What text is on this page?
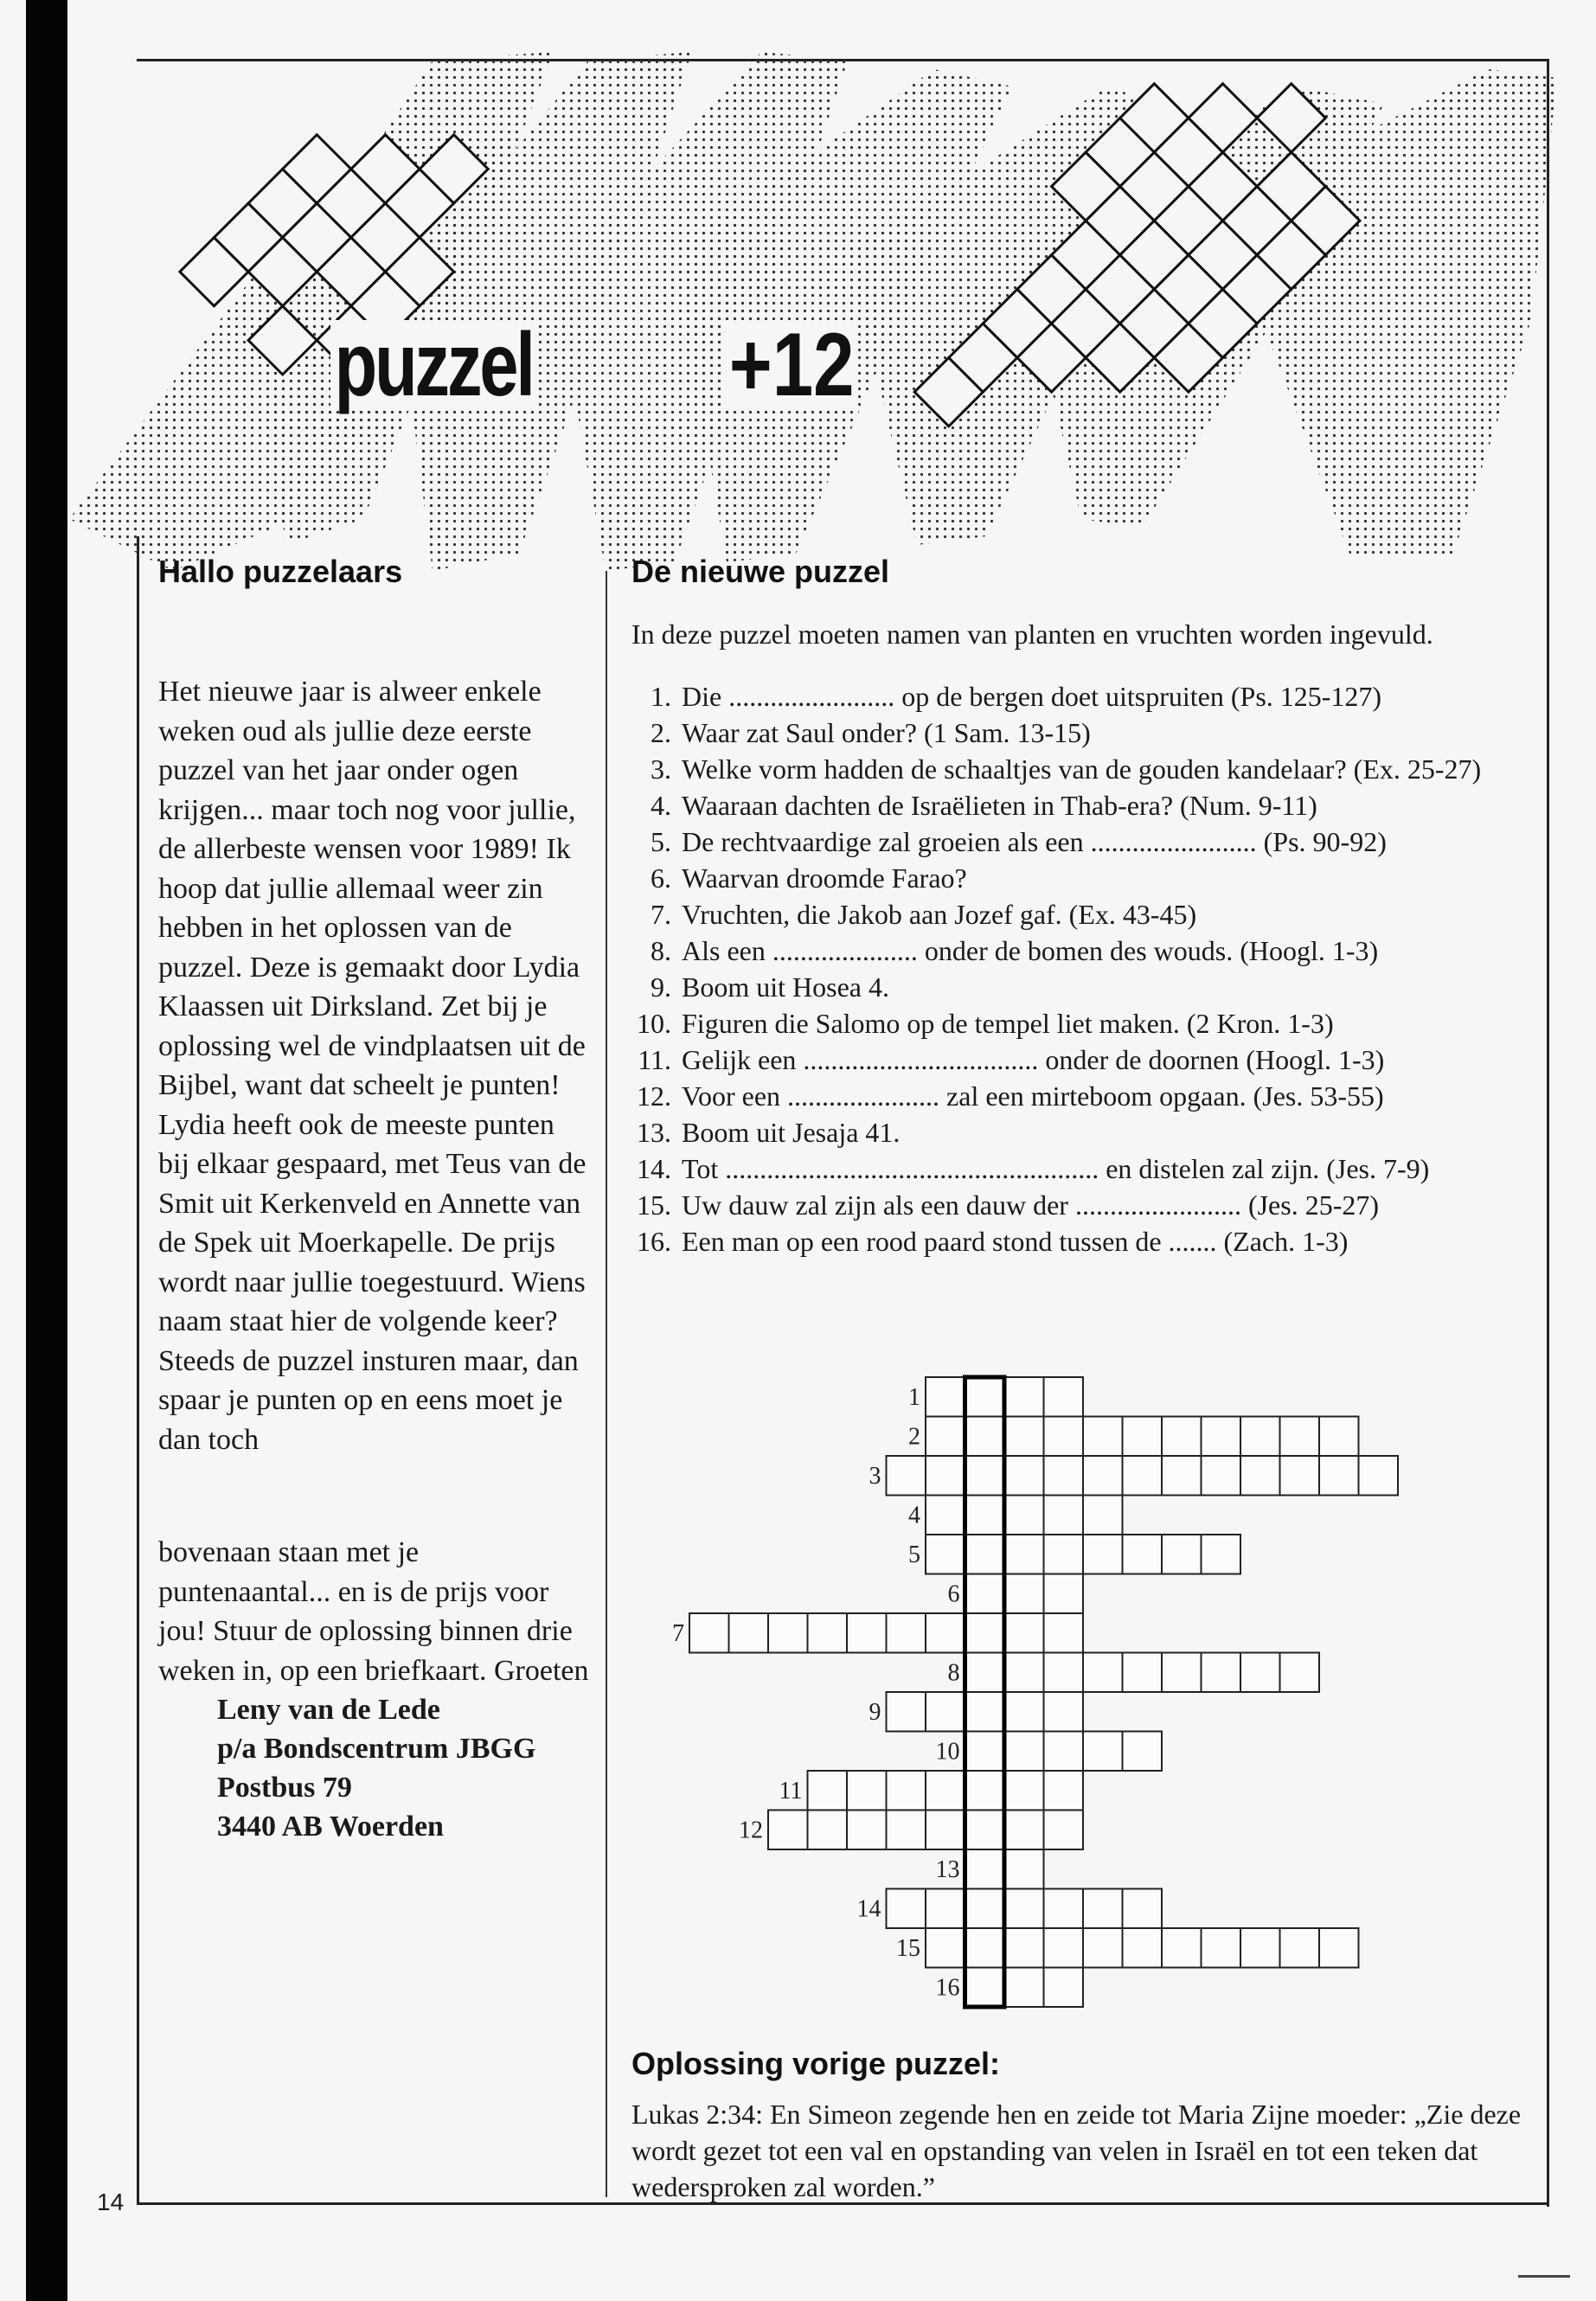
puzzel +12
Hallo puzzelaars
Het nieuwe jaar is alweer enkele weken oud als jullie deze eerste puzzel van het jaar onder ogen krijgen... maar toch nog voor jullie, de allerbeste wensen voor 1989! Ik hoop dat jullie allemaal weer zin hebben in het oplossen van de puzzel. Deze is gemaakt door Lydia Klaassen uit Dirksland. Zet bij je oplossing wel de vindplaatsen uit de Bijbel, want dat scheelt je punten! Lydia heeft ook de meeste punten bij elkaar gespaard, met Teus van de Smit uit Kerkenveld en Annette van de Spek uit Moerkapelle. De prijs wordt naar jullie toegestuurd. Wiens naam staat hier de volgende keer? Steeds de puzzel insturen maar, dan spaar je punten op en eens moet je dan toch
bovenaan staan met je puntenaantal... en is de prijs voor jou! Stuur de oplossing binnen drie weken in, op een briefkaart. Groeten
Leny van de Lede
p/a Bondscentrum JBGG
Postbus 79
3440 AB Woerden
De nieuwe puzzel
In deze puzzel moeten namen van planten en vruchten worden ingevuld.
1. Die ........................ op de bergen doet uitspruiten (Ps. 125-127)
2. Waar zat Saul onder? (1 Sam. 13-15)
3. Welke vorm hadden de schaaltjes van de gouden kandelaar? (Ex. 25-27)
4. Waaraan dachten de Israëlieten in Thab-era? (Num. 9-11)
5. De rechtvaardige zal groeien als een ........................ (Ps. 90-92)
6. Waarvan droomde Farao?
7. Vruchten, die Jakob aan Jozef gaf. (Ex. 43-45)
8. Als een ..................... onder de bomen des wouds. (Hoogl. 1-3)
9. Boom uit Hosea 4.
10. Figuren die Salomo op de tempel liet maken. (2 Kron. 1-3)
11. Gelijk een .................................. onder de doornen (Hoogl. 1-3)
12. Voor een ...................... zal een mirteboom opgaan. (Jes. 53-55)
13. Boom uit Jesaja 41.
14. Tot ...................................................... en distelen zal zijn. (Jes. 7-9)
15. Uw dauw zal zijn als een dauw der ........................ (Jes. 25-27)
16. Een man op een rood paard stond tussen de ....... (Zach. 1-3)
1
2
3
4
5
6
7
8
9
10
11
12
13
14
15
16
Oplossing vorige puzzel:

Lukas 2:34: En Simeon zegende hen en zeide tot Maria Zijne moeder: „Zie deze wordt gezet tot een val en opstanding van velen in Israël en tot een teken dat wedersproken zal worden.”

14
